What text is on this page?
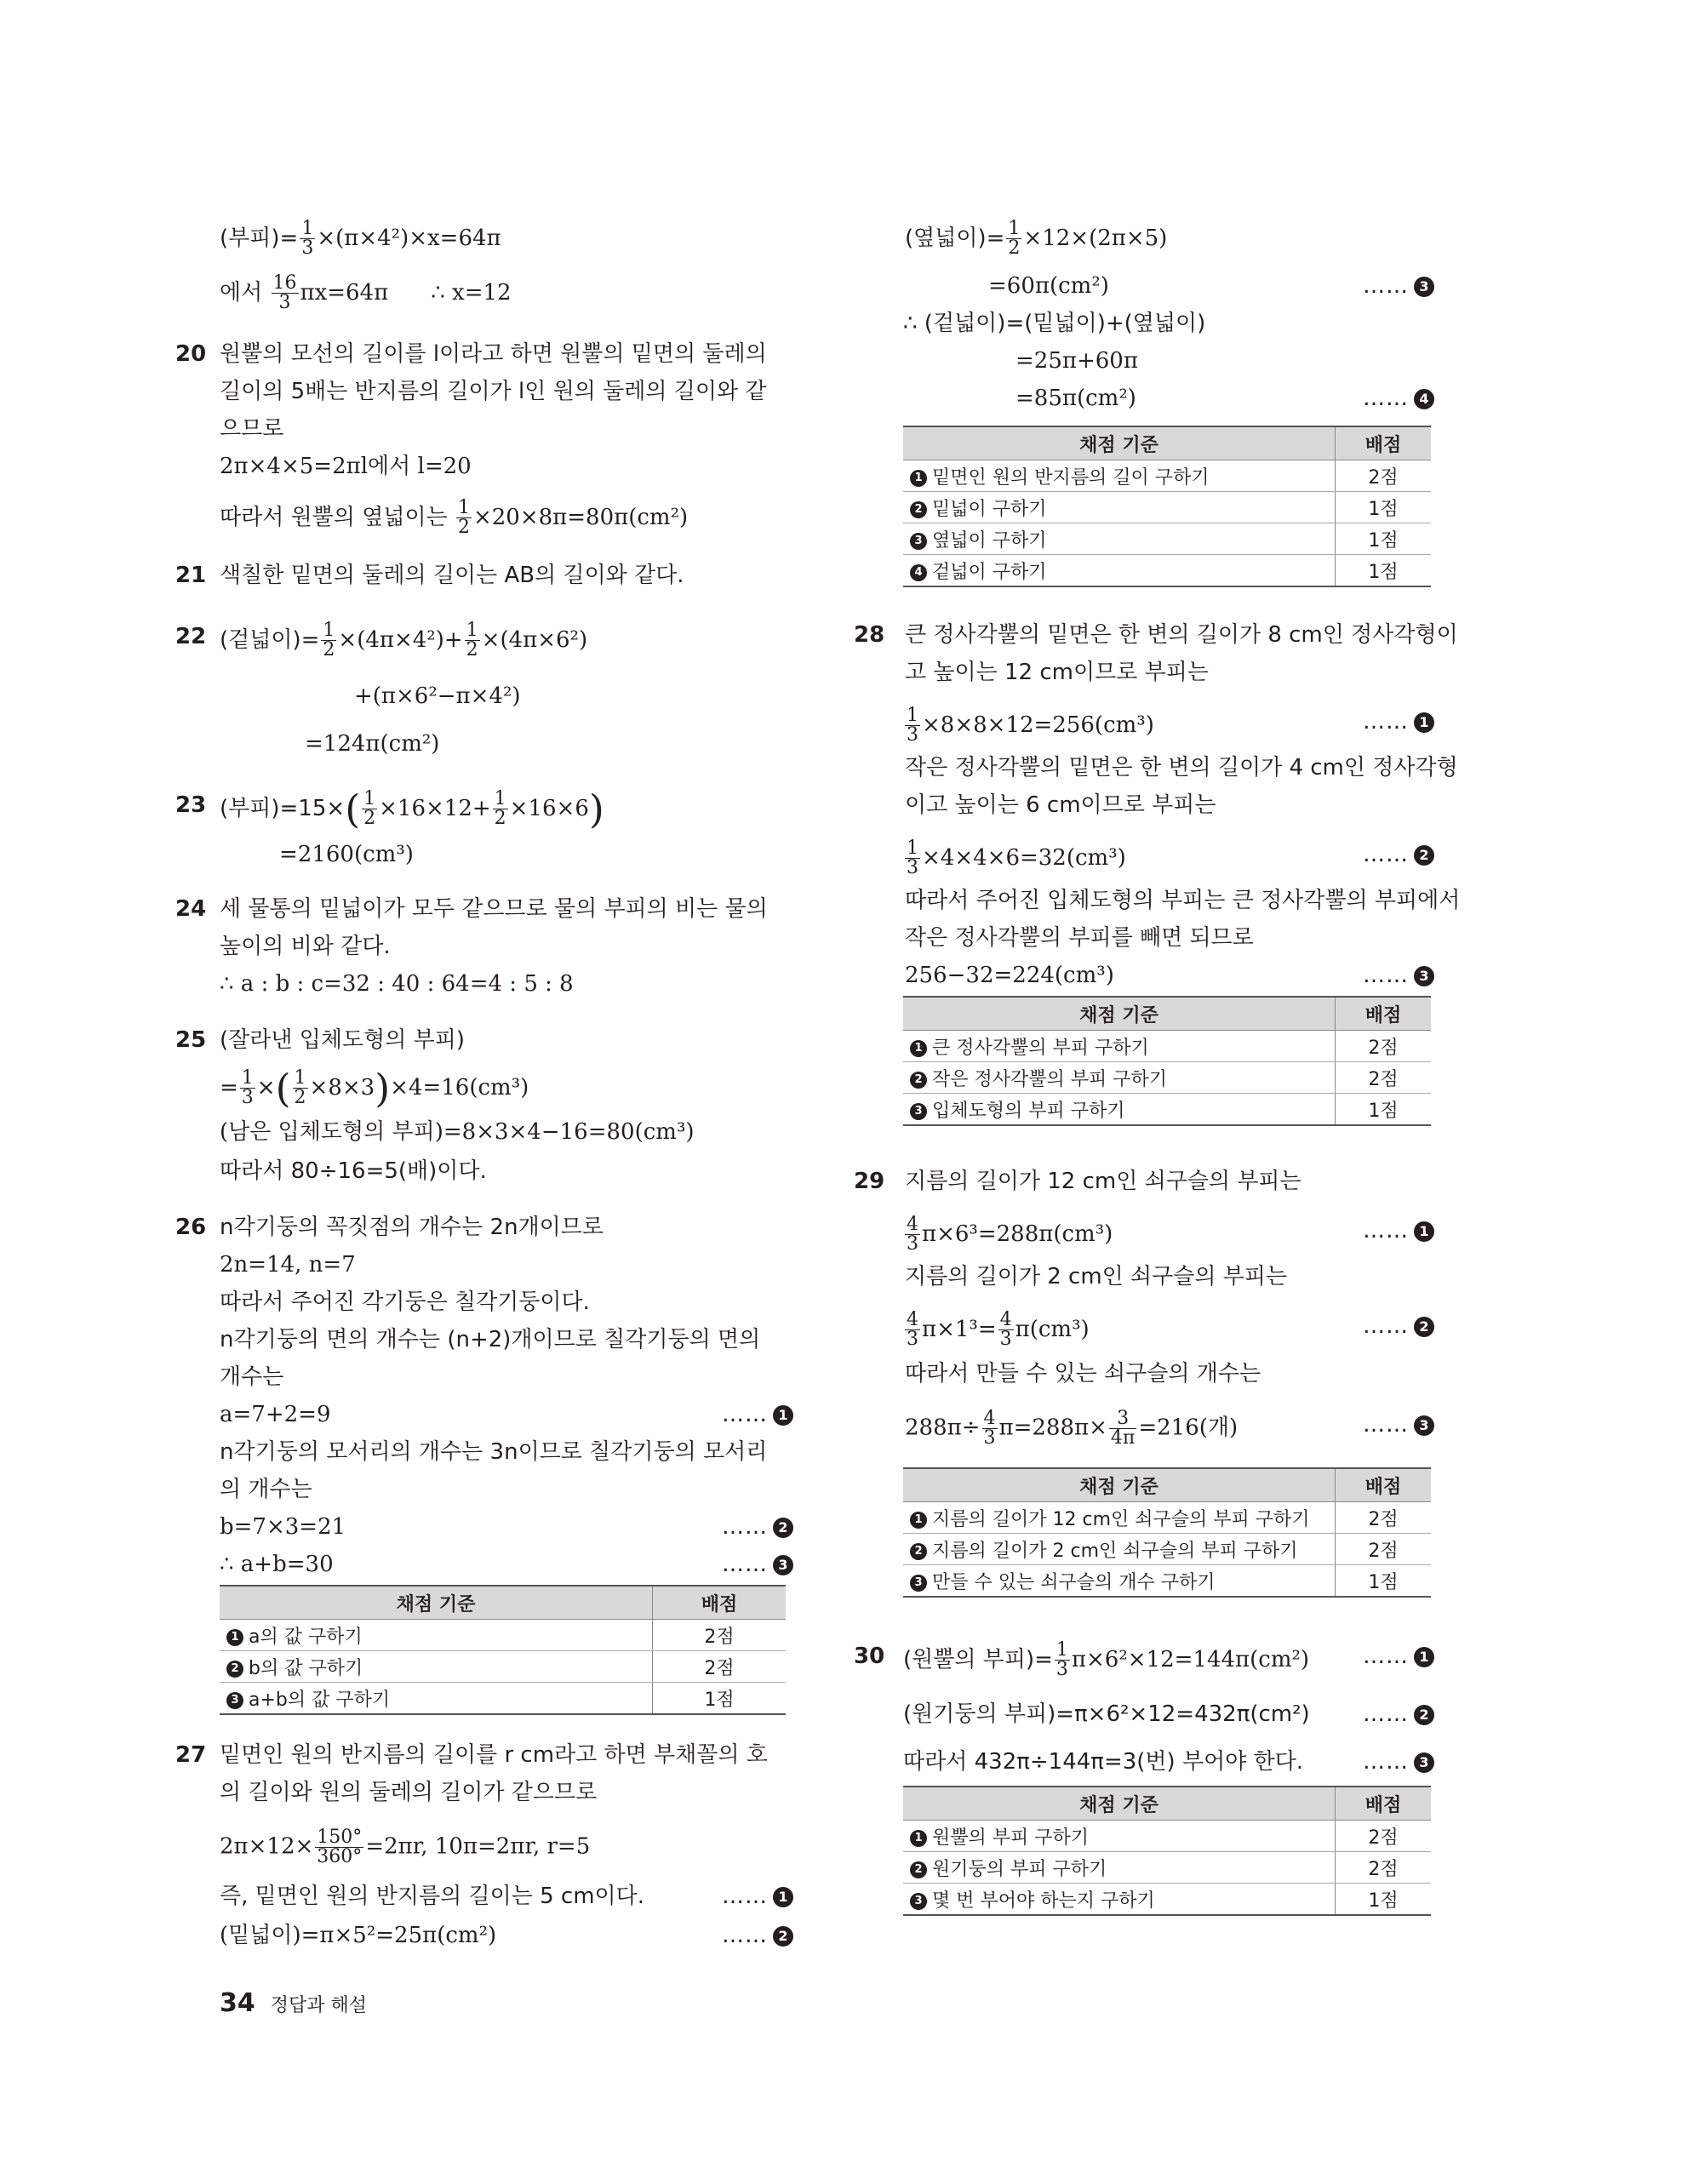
(부피)= $\frac{1}{3} \times(\pi\times 4^2)\times x=64\pi$
에서 $\frac{16}{3} \pi x=64\pi$ ∴ x=12
20 원뿔의 모선의 길이를 l이라고 하면 원뿔의 밑면의 둘레의
길이의 5배는 반지름의 길이가 l인 원의 둘레의 길이와 같
으므로
2π×4×5=2πl에서 l=20
따라서 원뿔의 옆넓이는 $\frac{1}{2} \times 20\times 8\pi=80\pi(cm^2)$
21 색칠한 밑면의 둘레의 길이는 AB의 길이와 같다.
22 (겉넓이)= $\frac{1}{2} \times(4\pi\times 4^2)+ \frac{1}{2} \times(4\pi\times 6^2)$
+(π×6²−π×4²)
=124π(cm²)
23 (부피)$=15\times( \frac{1}{2} \times 16\times 12+ \frac{1}{2} \times 16\times 6)$
=2160(cm³)
24 세 물통의 밑넓이가 모두 같으므로 물의 부피의 비는 물의
높이의 비와 같다.
∴ a : b : c=32 : 40 : 64=4 : 5 : 8
25 (잘라낸 입체도형의 부피)
= $\frac{1}{3}$ ×( $\frac{1}{2} \times 8\times 3)\times 4=16(cm^3)$
(남은 입체도형의 부피)=8×3×4−16=80(cm³)
따라서 80÷16=5(배)이다.
26 n각기둥의 꼭짓점의 개수는 2n개이므로
2n=14, n=7
따라서 주어진 각기둥은 칠각기둥이다.
n각기둥의 면의 개수는 (n+2)개이므로 칠각기둥의 면의
개수는
a=7+2=9	…… 1
n각기둥의 모서리의 개수는 3n이므로 칠각기둥의 모서리
의 개수는
b=7×3=21	…… 2
∴ a+b=30	…… 3
채점 기준	배점
1 a의 값 구하기	2점
2 b의 값 구하기	2점
3 a+b의 값 구하기	1점
27 밑면인 원의 반지름의 길이를 r cm라고 하면 부채꼴의 호
의 길이와 원의 둘레의 길이가 같으므로
$2\pi\times 12\times \frac{150^\circ}{360^\circ} =2\pi r$, 10π=2πr, r=5
즉, 밑면인 원의 반지름의 길이는 5 cm이다.	…… 1
(밑넓이)=π×5²=25π(cm²)	…… 2
(옆넓이)= $\frac{1}{2} \times 12\times(2\pi\times 5)$
=60π(cm²)	…… 3
∴ (겉넓이)=(밑넓이)+(옆넓이)
=25π+60π
=85π(cm²)	…… 4
채점 기준	배점
1 밑면인 원의 반지름의 길이 구하기	2점
2 밑넓이 구하기	1점
3 옆넓이 구하기	1점
4 겉넓이 구하기	1점
28 큰 정사각뿔의 밑면은 한 변의 길이가 8 cm인 정사각형이
고 높이는 12 cm이므로 부피는
$\frac{1}{3} \times 8\times 8\times 12=256(cm^3)$	…… 1
작은 정사각뿔의 밑면은 한 변의 길이가 4 cm인 정사각형
이고 높이는 6 cm이므로 부피는
$\frac{1}{3} \times 4\times 4\times 6=32(cm^3)$	…… 2
따라서 주어진 입체도형의 부피는 큰 정사각뿔의 부피에서
작은 정사각뿔의 부피를 빼면 되므로
256−32=224(cm³)	…… 3
채점 기준	배점
1 큰 정사각뿔의 부피 구하기	2점
2 작은 정사각뿔의 부피 구하기	2점
3 입체도형의 부피 구하기	1점
29 지름의 길이가 12 cm인 쇠구슬의 부피는
$\frac{4}{3} \pi\times 6^3=288\pi(cm^3)$	…… 1
지름의 길이가 2 cm인 쇠구슬의 부피는
$\frac{4}{3} \pi\times 1^3= \frac{4}{3} \pi(cm^3)$	…… 2
따라서 만들 수 있는 쇠구슬의 개수는
$288\pi\div \frac{4}{3} \pi=288\pi\times \frac{3}{4\pi} =216$(개)	…… 3
채점 기준	배점
1 지름의 길이가 12 cm인 쇠구슬의 부피 구하기	2점
2 지름의 길이가 2 cm인 쇠구슬의 부피 구하기	2점
3 만들 수 있는 쇠구슬의 개수 구하기	1점
30 (원뿔의 부피)= $\frac{1}{3} \pi\times 6^2\times 12=144\pi(cm^2)$ …… 1
(원기둥의 부피)=π×6²×12=432π(cm²) …… 2
따라서 432π÷144π=3(번) 부어야 한다.	…… 3
채점 기준	배점
1 원뿔의 부피 구하기	2점
2 원기둥의 부피 구하기	2점
3 몇 번 부어야 하는지 구하기	1점
34 정답과 해설
